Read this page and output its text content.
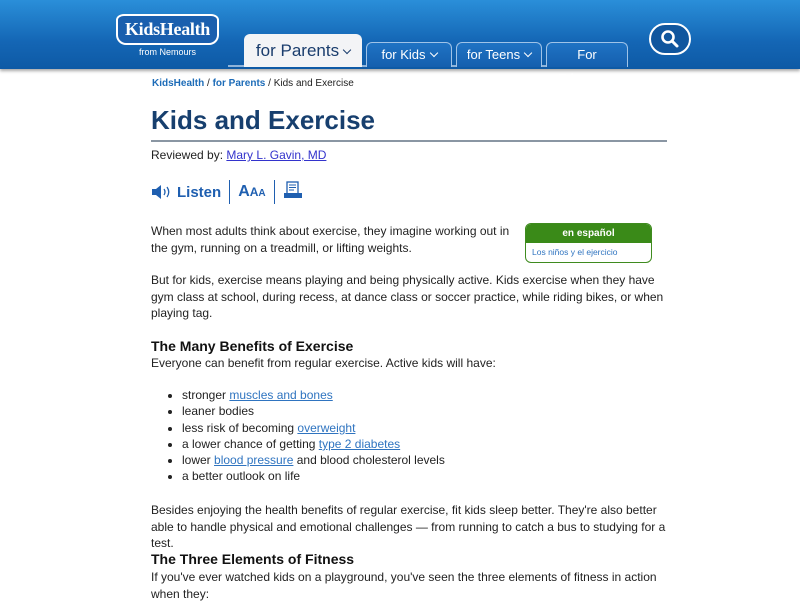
KidsHealth
from Nemours	for Parents	for Kids	for Teens	For Educators
KidsHealth / for Parents / Kids and Exercise
Kids and Exercise
Reviewed by: Mary L. Gavin, MD
Listen A A A

When most adults think about exercise, they imagine working out in the gym, running on a treadmill, or lifting weights.

en español
Los niños y el ejercicio

But for kids, exercise means playing and being physically active. Kids exercise when they have gym class at school, during recess, at dance class or soccer practice, while riding bikes, or when playing tag.

The Many Benefits of Exercise

Everyone can benefit from regular exercise. Active kids will have:

• stronger muscles and bones
• leaner bodies
• less risk of becoming overweight
• a lower chance of getting type 2 diabetes
• lower blood pressure and blood cholesterol levels
• a better outlook on life

Besides enjoying the health benefits of regular exercise, fit kids sleep better. They're also better able to handle physical and emotional challenges — from running to catch a bus to studying for a test.

The Three Elements of Fitness

If you've ever watched kids on a playground, you've seen the three elements of fitness in action when they:
